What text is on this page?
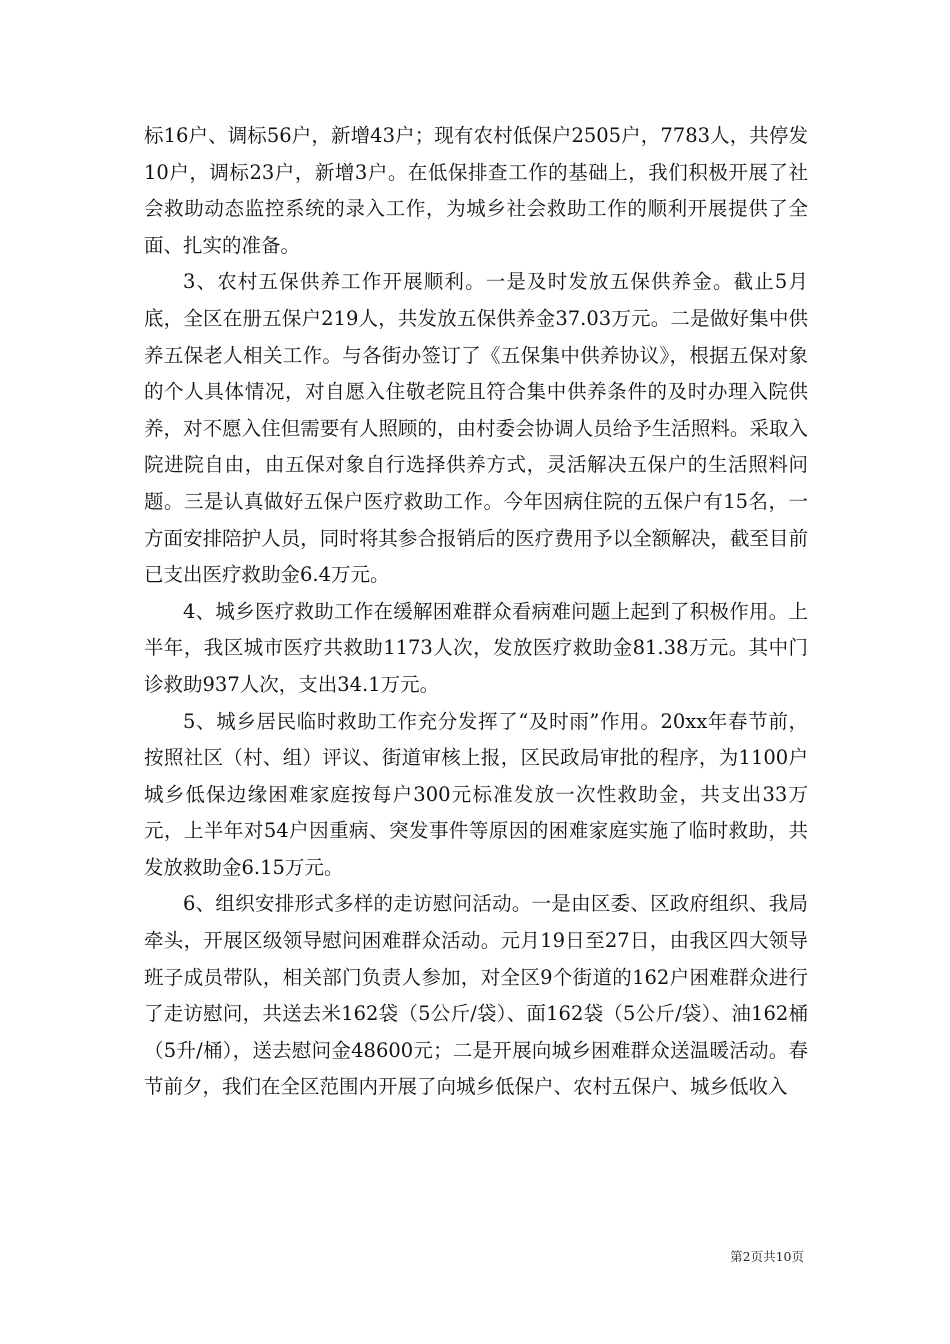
标16户、调标56户，新增43户；现有农村低保户2505户，7783人，共停发10户，调标23户，新增3户。在低保排查工作的基础上，我们积极开展了社会救助动态监控系统的录入工作，为城乡社会救助工作的顺利开展提供了全面、扎实的准备。

3、农村五保供养工作开展顺利。一是及时发放五保供养金。截止5月底，全区在册五保户219人，共发放五保供养金37.03万元。二是做好集中供养五保老人相关工作。与各街办签订了《五保集中供养协议》，根据五保对象的个人具体情况，对自愿入住敬老院且符合集中供养条件的及时办理入院供养，对不愿入住但需要有人照顾的，由村委会协调人员给予生活照料。采取入院进院自由，由五保对象自行选择供养方式，灵活解决五保户的生活照料问题。三是认真做好五保户医疗救助工作。今年因病住院的五保户有15名，一方面安排陪护人员，同时将其参合报销后的医疗费用予以全额解决，截至目前已支出医疗救助金6.4万元。

4、城乡医疗救助工作在缓解困难群众看病难问题上起到了积极作用。上半年，我区城市医疗共救助1173人次，发放医疗救助金81.38万元。其中门诊救助937人次，支出34.1万元。

5、城乡居民临时救助工作充分发挥了“及时雨”作用。20xx年春节前，按照社区（村、组）评议、街道审核上报，区民政局审批的程序，为1100户城乡低保边缘困难家庭按每户300元标准发放一次性救助金，共支出33万元，上半年对54户因重病、突发事件等原因的困难家庭实施了临时救助，共发放救助金6.15万元。

6、组织安排形式多样的走访慰问活动。一是由区委、区政府组织、我局牵头，开展区级领导慰问困难群众活动。元月19日至27日，由我区四大领导班子成员带队，相关部门负责人参加，对全区9个街道的162户困难群众进行了走访慰问，共送去米162袋（5公斤/袋）、面162袋（5公斤/袋）、油162桶（5升/桶），送去慰问金48600元；二是开展向城乡困难群众送温暖活动。春节前夕，我们在全区范围内开展了向城乡低保户、农村五保户、城乡低收入

第2页共10页
